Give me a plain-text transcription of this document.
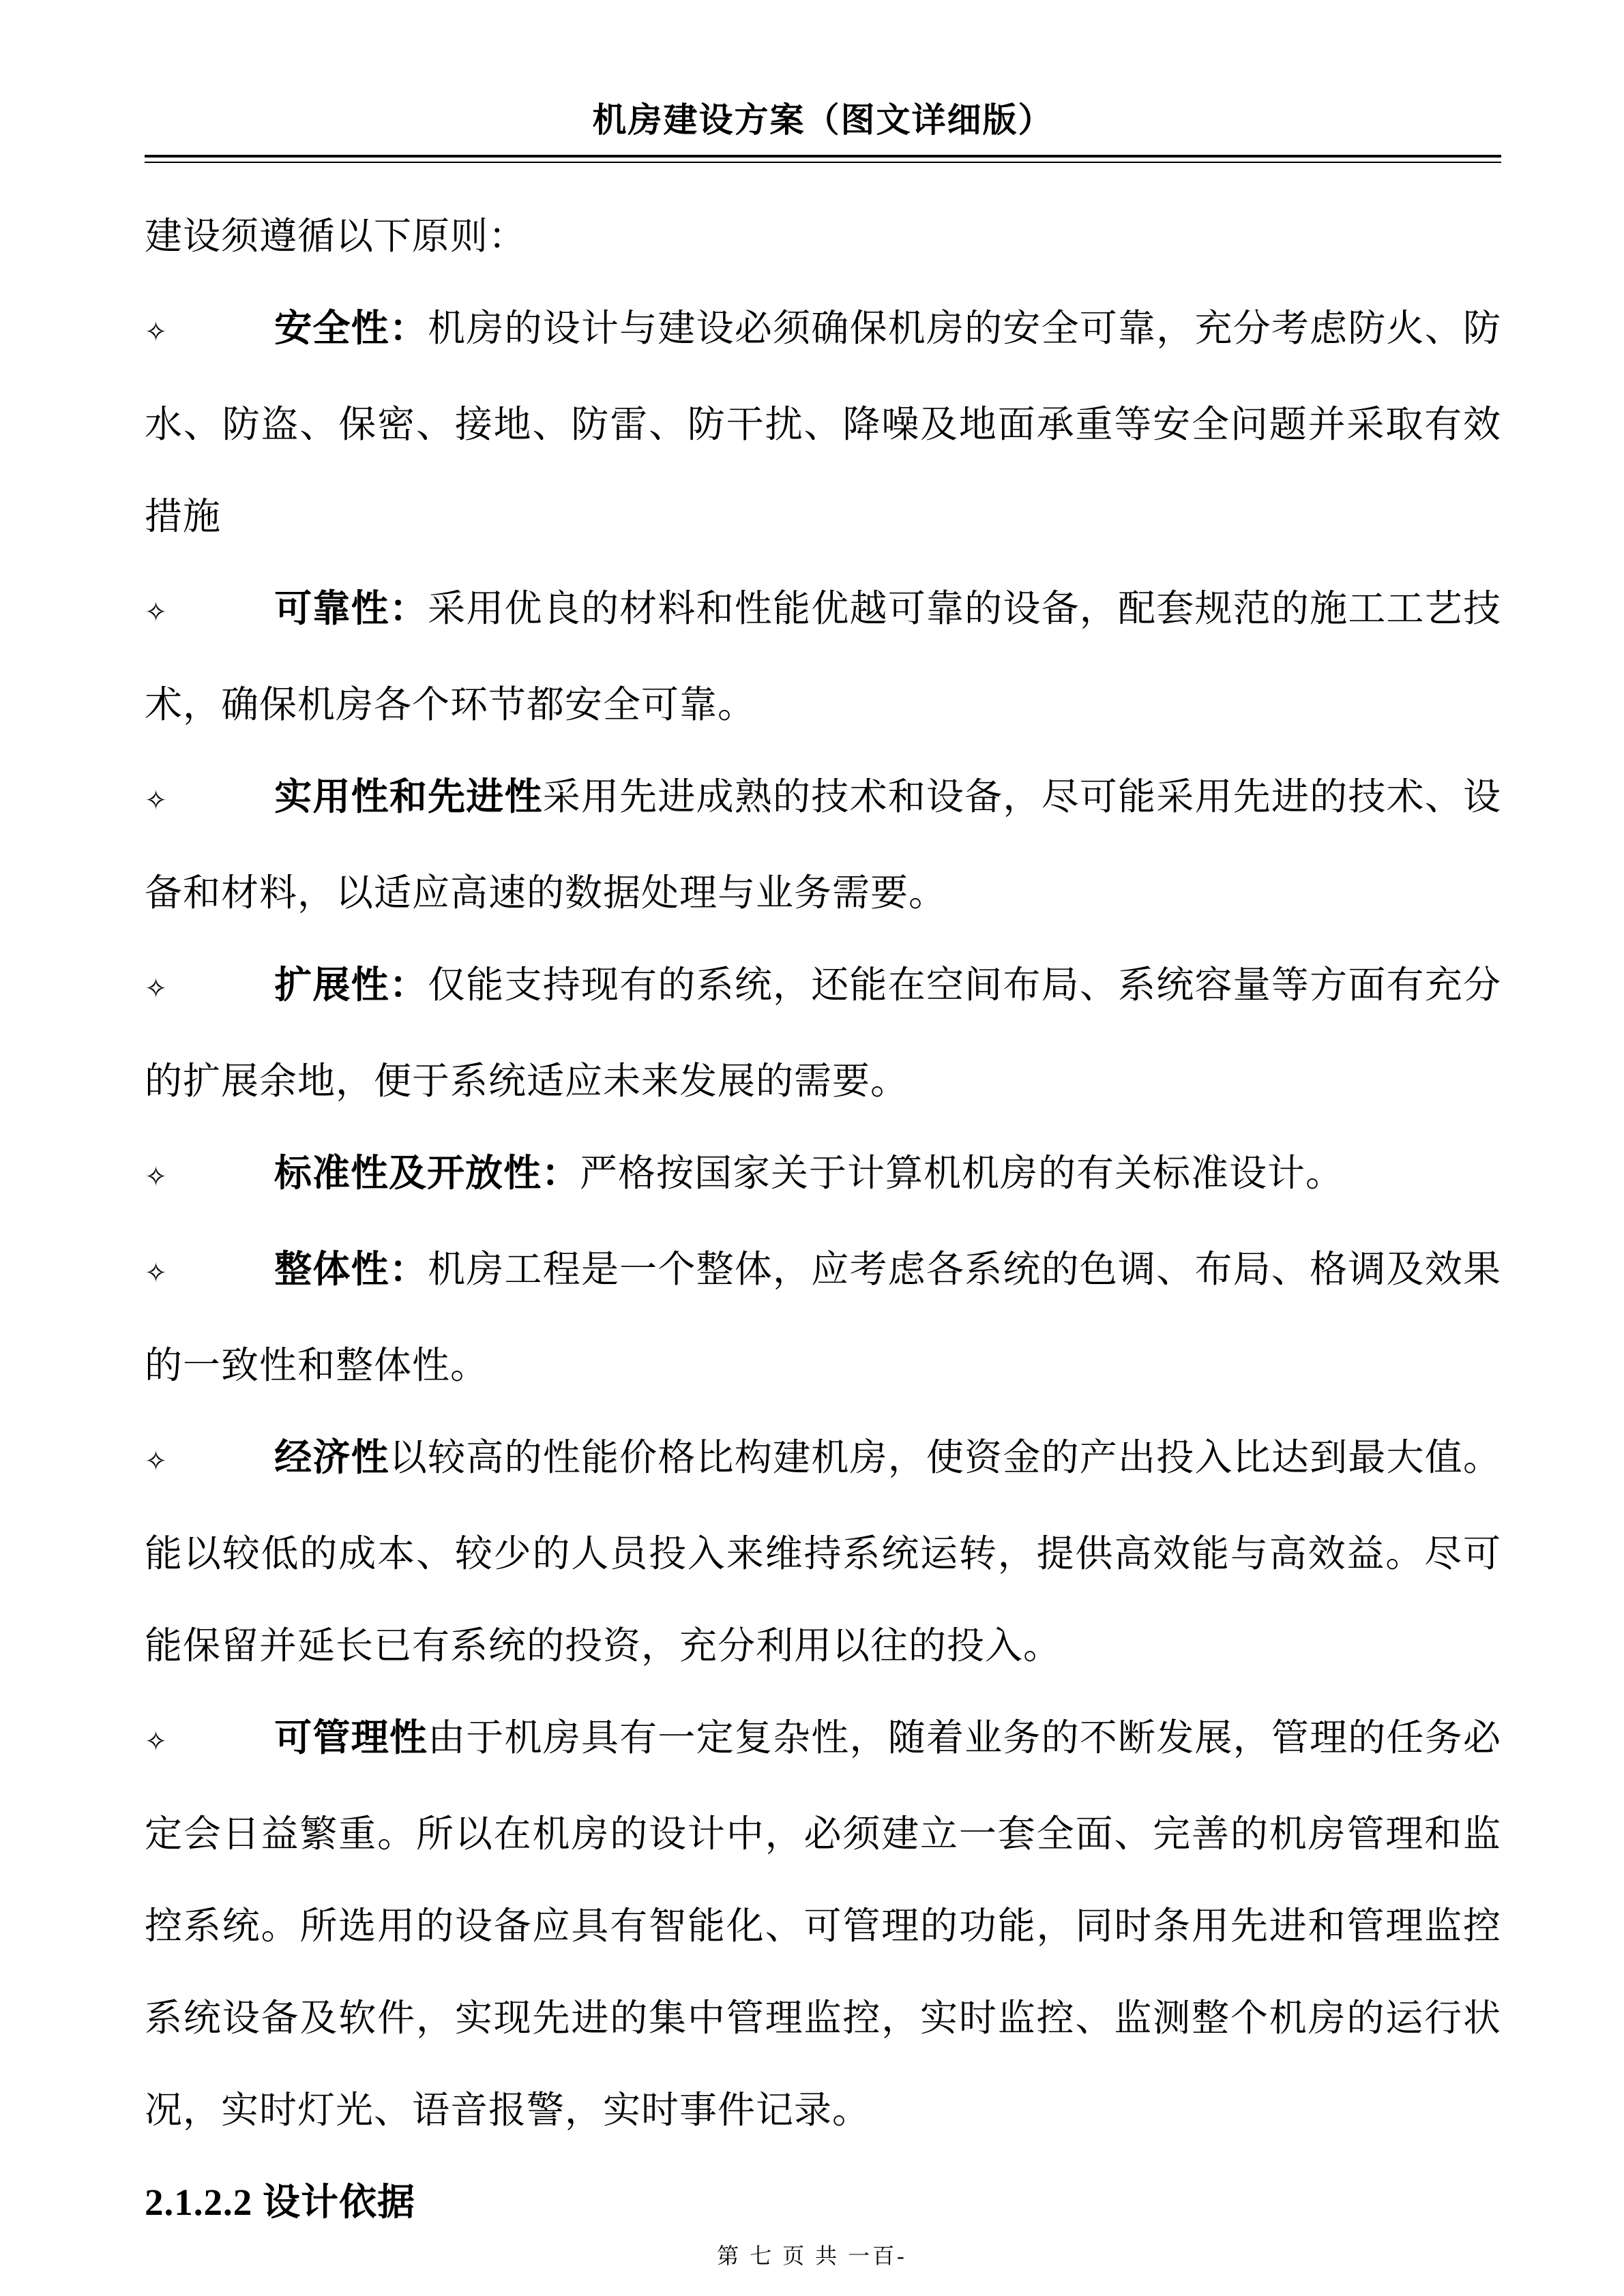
机房建设方案（图文详细版）

建设须遵循以下原则：

✧	安全性：机房的设计与建设必须确保机房的安全可靠，充分考虑防火、防水、防盗、保密、接地、防雷、防干扰、降噪及地面承重等安全问题并采取有效措施

✧	可靠性：采用优良的材料和性能优越可靠的设备，配套规范的施工工艺技术，确保机房各个环节都安全可靠。

✧	实用性和先进性采用先进成熟的技术和设备，尽可能采用先进的技术、设备和材料，以适应高速的数据处理与业务需要。

✧	扩展性：仅能支持现有的系统，还能在空间布局、系统容量等方面有充分的扩展余地，便于系统适应未来发展的需要。

✧	标准性及开放性：严格按国家关于计算机机房的有关标准设计。

✧	整体性：机房工程是一个整体，应考虑各系统的色调、布局、格调及效果的一致性和整体性。

✧	经济性以较高的性能价格比构建机房，使资金的产出投入比达到最大值。能以较低的成本、较少的人员投入来维持系统运转，提供高效能与高效益。尽可能保留并延长已有系统的投资，充分利用以往的投入。

✧	可管理性由于机房具有一定复杂性，随着业务的不断发展，管理的任务必定会日益繁重。所以在机房的设计中，必须建立一套全面、完善的机房管理和监控系统。所选用的设备应具有智能化、可管理的功能，同时条用先进和管理监控系统设备及软件，实现先进的集中管理监控，实时监控、监测整个机房的运行状况，实时灯光、语音报警，实时事件记录。

2.1.2.2 设计依据
第 七 页 共 一百-
